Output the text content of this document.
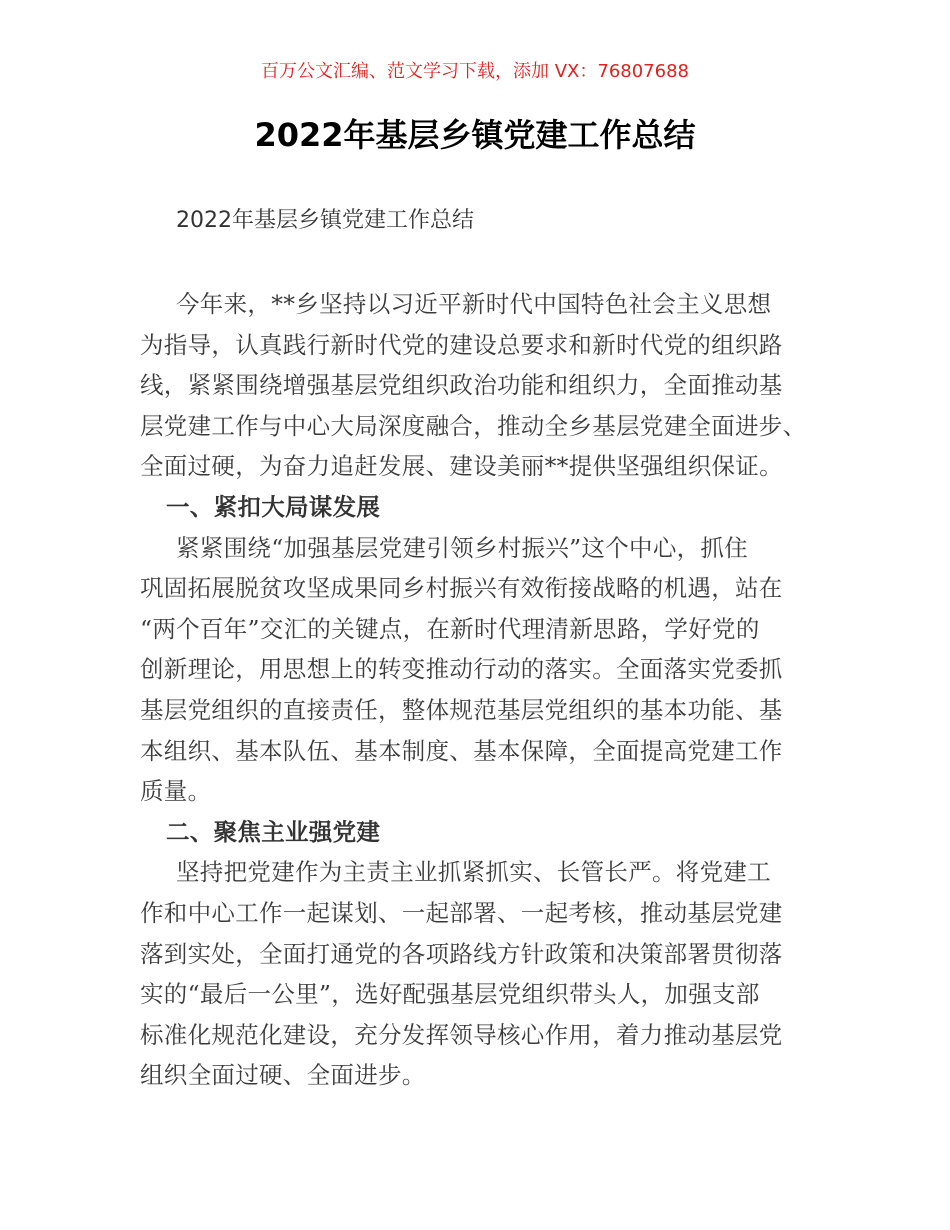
百万公文汇编、范文学习下载，添加 VX：76807688
2022年基层乡镇党建工作总结
2022年基层乡镇党建工作总结
今年来，**乡坚持以习近平新时代中国特色社会主义思想
为指导，认真践行新时代党的建设总要求和新时代党的组织路
线，紧紧围绕增强基层党组织政治功能和组织力，全面推动基
层党建工作与中心大局深度融合，推动全乡基层党建全面进步、
全面过硬，为奋力追赶发展、建设美丽**提供坚强组织保证。
一、紧扣大局谋发展
紧紧围绕“加强基层党建引领乡村振兴”这个中心，抓住
巩固拓展脱贫攻坚成果同乡村振兴有效衔接战略的机遇，站在
“两个百年”交汇的关键点，在新时代理清新思路，学好党的
创新理论，用思想上的转变推动行动的落实。全面落实党委抓
基层党组织的直接责任，整体规范基层党组织的基本功能、基
本组织、基本队伍、基本制度、基本保障，全面提高党建工作
质量。
二、聚焦主业强党建
坚持把党建作为主责主业抓紧抓实、长管长严。将党建工
作和中心工作一起谋划、一起部署、一起考核，推动基层党建
落到实处，全面打通党的各项路线方针政策和决策部署贯彻落
实的“最后一公里”，选好配强基层党组织带头人，加强支部
标准化规范化建设，充分发挥领导核心作用，着力推动基层党
组织全面过硬、全面进步。
